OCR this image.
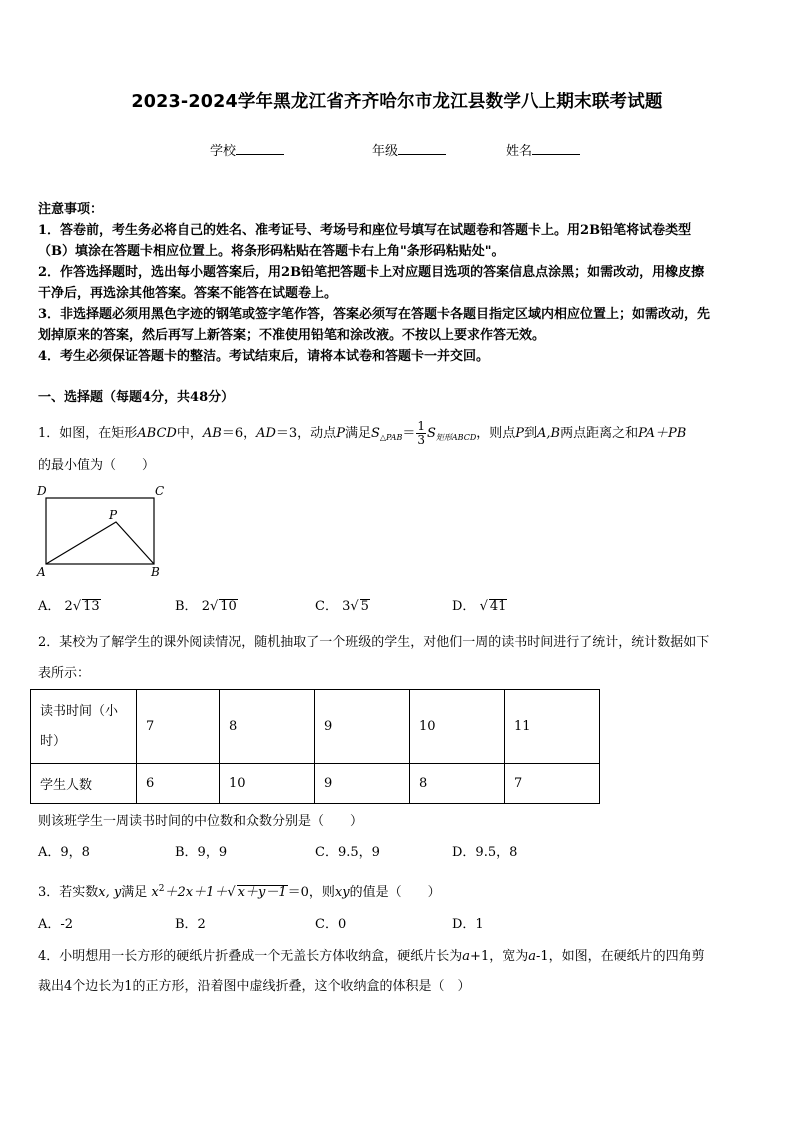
2023-2024学年黑龙江省齐齐哈尔市龙江县数学八上期末联考试题
学校	年级	姓名
注意事项：
1．答卷前，考生务必将自己的姓名、准考证号、考场号和座位号填写在试题卷和答题卡上。用2B铅笔将试卷类型
（B）填涂在答题卡相应位置上。将条形码粘贴在答题卡右上角"条形码粘贴处"。
2．作答选择题时，选出每小题答案后，用2B铅笔把答题卡上对应题目选项的答案信息点涂黑；如需改动，用橡皮擦
干净后，再选涂其他答案。答案不能答在试题卷上。
3．非选择题必须用黑色字迹的钢笔或签字笔作答，答案必须写在答题卡各题目指定区域内相应位置上；如需改动，先
划掉原来的答案，然后再写上新答案；不准使用铅笔和涂改液。不按以上要求作答无效。
4．考生必须保证答题卡的整洁。考试结束后，请将本试卷和答题卡一并交回。
一、选择题（每题4分，共48分）
1．如图，在矩形ABCD中，AB＝6，AD＝3，动点P满足$S_{\triangle PAB}= \frac{1}{3} S_{矩形ABCD}$，则点P到A,B两点距离之和PA＋PB
的最小值为（　　）
D	C
P
A	B
A． 2√ 13	B． 2√ 10	C． 3√ 5	D． √ 41
2．某校为了解学生的课外阅读情况，随机抽取了一个班级的学生，对他们一周的读书时间进行了统计，统计数据如下
表所示：
读书时间（小
时）	7	8	9	10	11
学生人数	6	10	9	8	7
则该班学生一周读书时间的中位数和众数分别是（　　）
A．9，8	B．9，9	C．9.5，9	D．9.5，8
3．若实数x, y满足 $x^2+2x+1+√$ x＋y－1＝0，则xy的值是（　　）
A．-2	B．2	C．0	D．1
4．小明想用一长方形的硬纸片折叠成一个无盖长方体收纳盒，硬纸片长为a+1，宽为a-1，如图，在硬纸片的四角剪
裁出4个边长为1的正方形，沿着图中虚线折叠，这个收纳盒的体积是（　）
